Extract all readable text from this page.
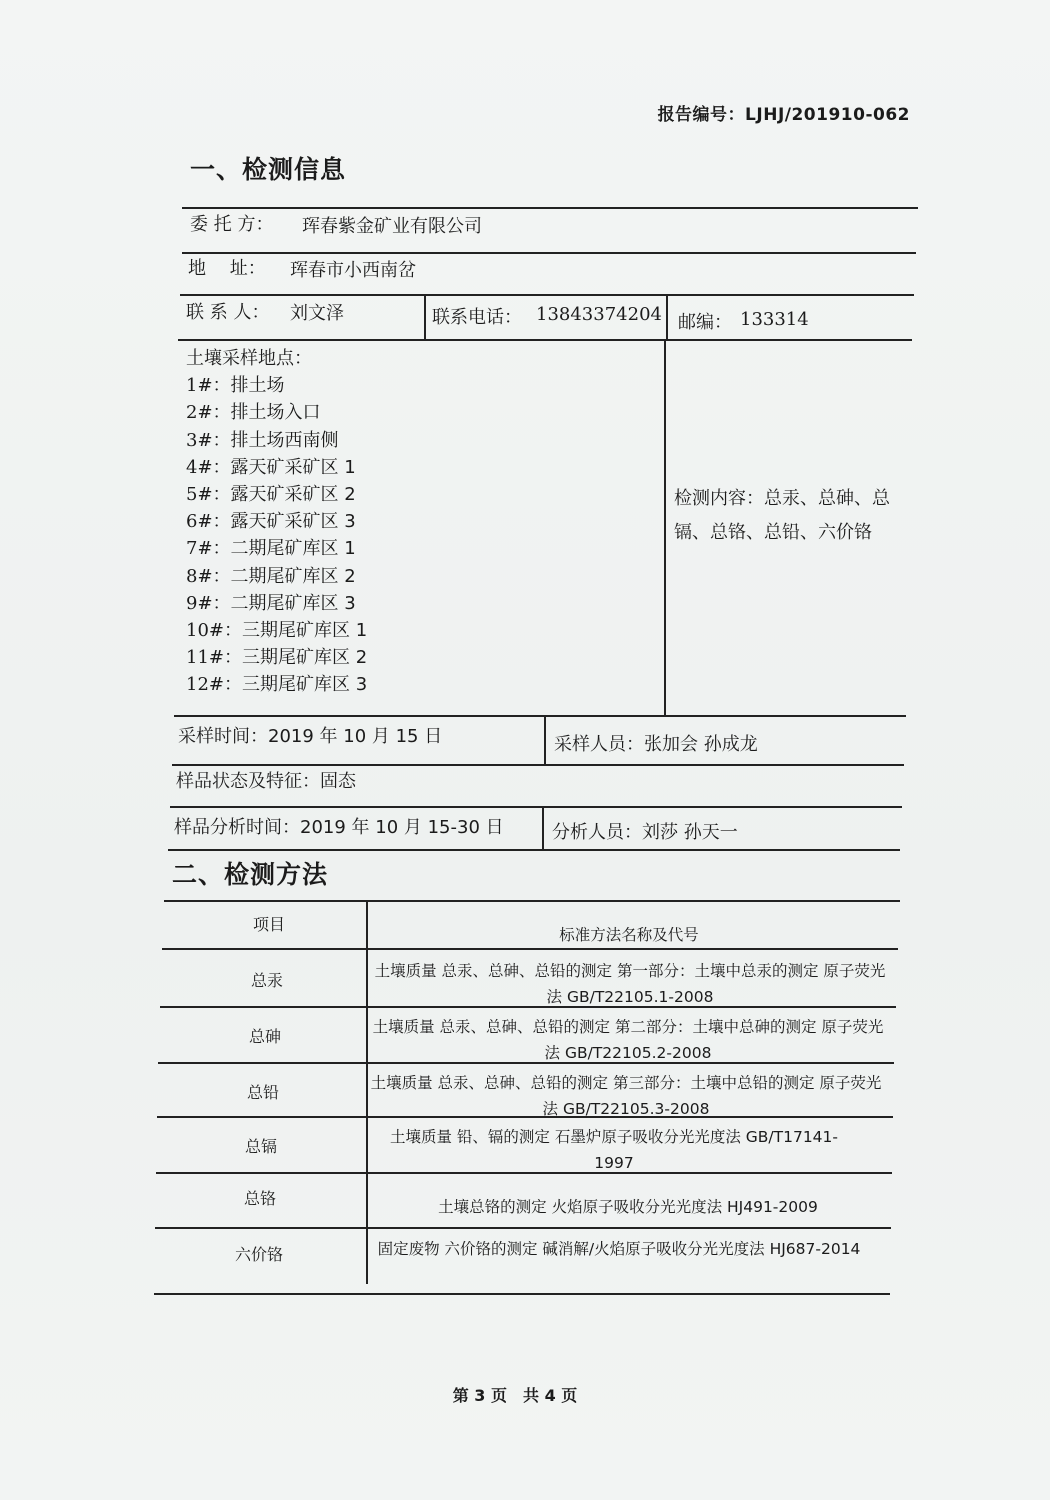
报告编号：LJHJ/201910-062
一、检测信息
委 托 方： 珲春紫金矿业有限公司
地　 址： 珲春市小西南岔
联 系 人： 刘文泽	联系电话： 13843374204 邮编： 133314
土壤采样地点：
1#：排土场
2#：排土场入口
3#：排土场西南侧
4#：露天矿采矿区 1
5#：露天矿采矿区 2
6#：露天矿采矿区 3
7#：二期尾矿库区 1
8#：二期尾矿库区 2
9#：二期尾矿库区 3
10#：三期尾矿库区 1
11#：三期尾矿库区 2
12#：三期尾矿库区 3
检测内容：总汞、总砷、总镉、总铬、总铅、六价铬
采样时间：2019 年 10 月 15 日	采样人员：张加会 孙成龙
样品状态及特征：固态
样品分析时间：2019 年 10 月 15-30 日	分析人员：刘莎 孙天一
二、检测方法
项目
标准方法名称及代号
总汞	土壤质量 总汞、总砷、总铅的测定 第一部分：土壤中总汞的测定 原子荧光法 GB/T22105.1-2008
总砷	土壤质量 总汞、总砷、总铅的测定 第二部分：土壤中总砷的测定 原子荧光法 GB/T22105.2-2008
总铅	土壤质量 总汞、总砷、总铅的测定 第三部分：土壤中总铅的测定 原子荧光法 GB/T22105.3-2008
总镉	土壤质量 铅、镉的测定 石墨炉原子吸收分光光度法 GB/T17141-1997
总铬	土壤总铬的测定 火焰原子吸收分光光度法 HJ491-2009
六价铬	固定废物 六价铬的测定 碱消解/火焰原子吸收分光光度法 HJ687-2014
第 3 页 共 4 页
